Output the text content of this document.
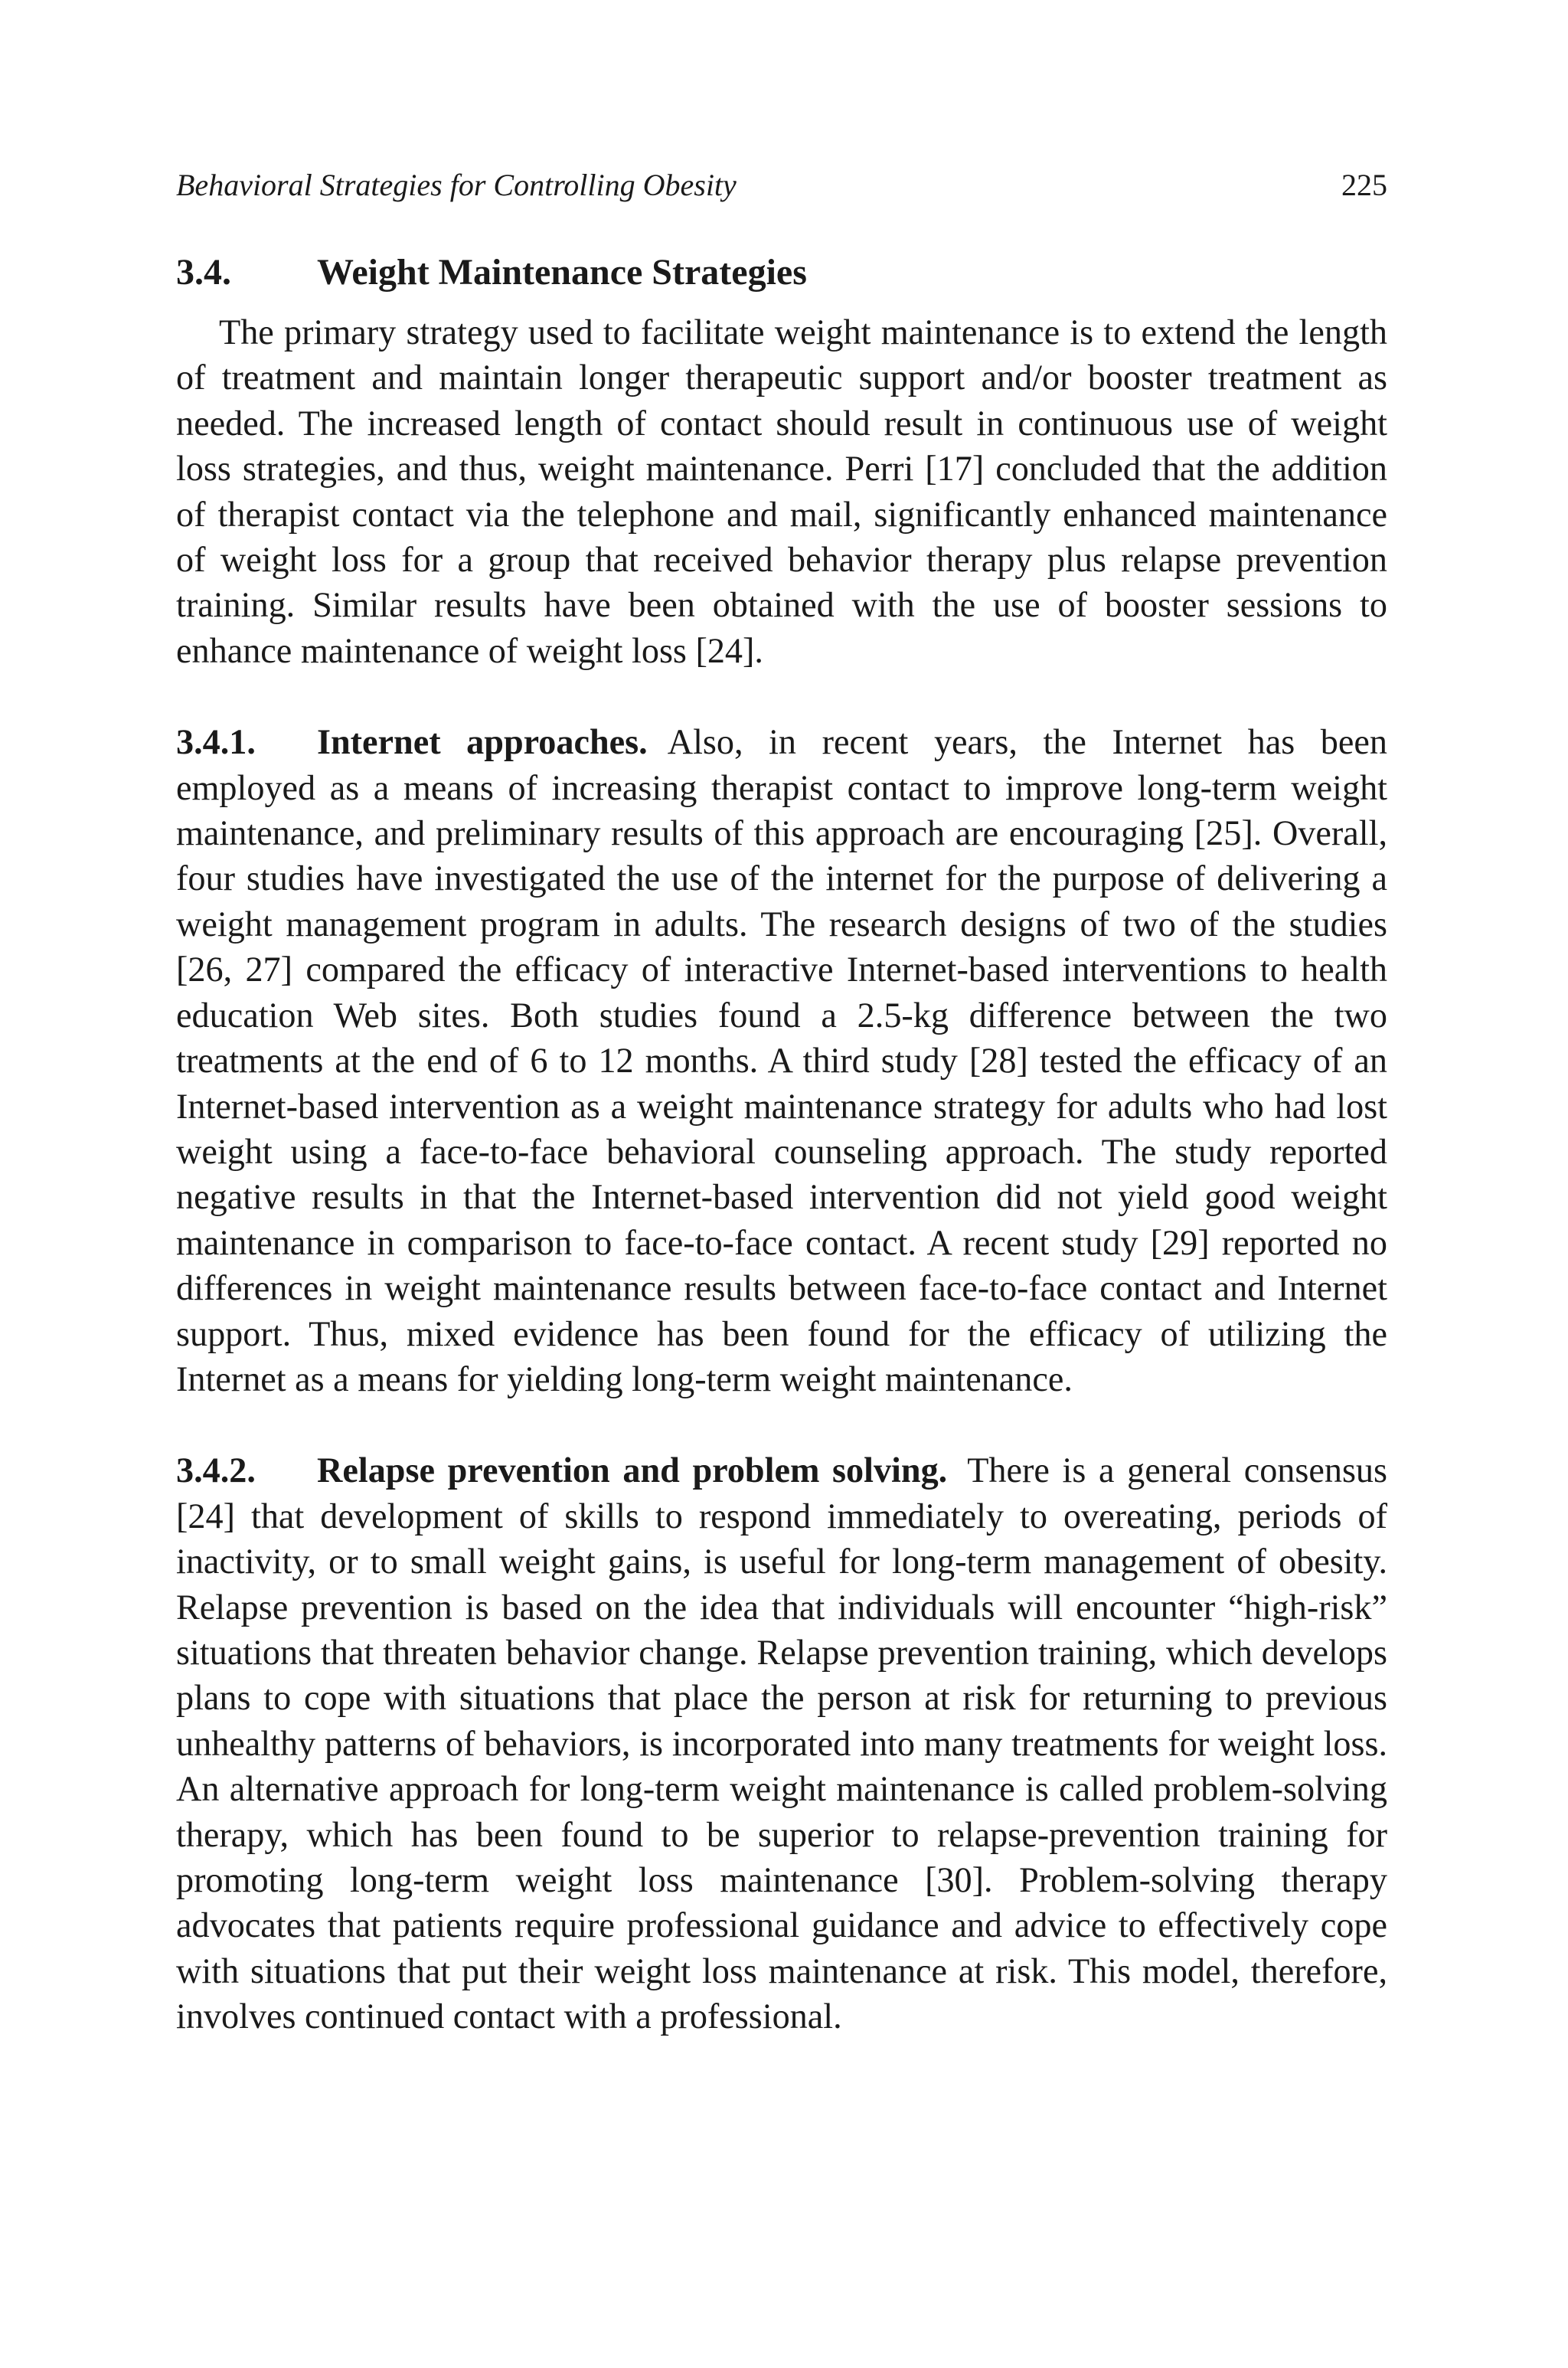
Behavioral Strategies for Controlling Obesity	225
3.4.	Weight Maintenance Strategies

The primary strategy used to facilitate weight maintenance is to extend the length of treatment and maintain longer therapeutic support and/or booster treatment as needed. The increased length of contact should result in continuous use of weight loss strategies, and thus, weight maintenance. Perri [17] concluded that the addition of therapist contact via the telephone and mail, significantly enhanced maintenance of weight loss for a group that received behavior therapy plus relapse prevention training. Similar results have been obtained with the use of booster sessions to enhance maintenance of weight loss [24].

3.4.1. Internet approaches. Also, in recent years, the Internet has been employed as a means of increasing therapist contact to improve long-term weight maintenance, and preliminary results of this approach are encouraging [25]. Overall, four studies have investigated the use of the internet for the purpose of delivering a weight management program in adults. The research designs of two of the studies [26, 27] compared the efficacy of interactive Internet-based interventions to health education Web sites. Both studies found a 2.5-kg difference between the two treatments at the end of 6 to 12 months. A third study [28] tested the efficacy of an Internet-based intervention as a weight maintenance strategy for adults who had lost weight using a face-to-face behavioral counseling approach. The study reported negative results in that the Internet-based intervention did not yield good weight maintenance in comparison to face-to-face contact. A recent study [29] reported no differences in weight maintenance results between face-to-face contact and Internet support. Thus, mixed evidence has been found for the efficacy of utilizing the Internet as a means for yielding long-term weight maintenance.

3.4.2. Relapse prevention and problem solving. There is a general consensus [24] that development of skills to respond immediately to overeating, periods of inactivity, or to small weight gains, is useful for long-term management of obesity. Relapse prevention is based on the idea that individuals will encounter “high-risk” situations that threaten behavior change. Relapse prevention training, which develops plans to cope with situations that place the person at risk for returning to previous unhealthy patterns of behaviors, is incorporated into many treatments for weight loss. An alternative approach for long-term weight maintenance is called problem-solving therapy, which has been found to be superior to relapse-prevention training for promoting long-term weight loss maintenance [30]. Problem-solving therapy advocates that patients require professional guidance and advice to effectively cope with situations that put their weight loss maintenance at risk. This model, therefore, involves continued contact with a professional.
